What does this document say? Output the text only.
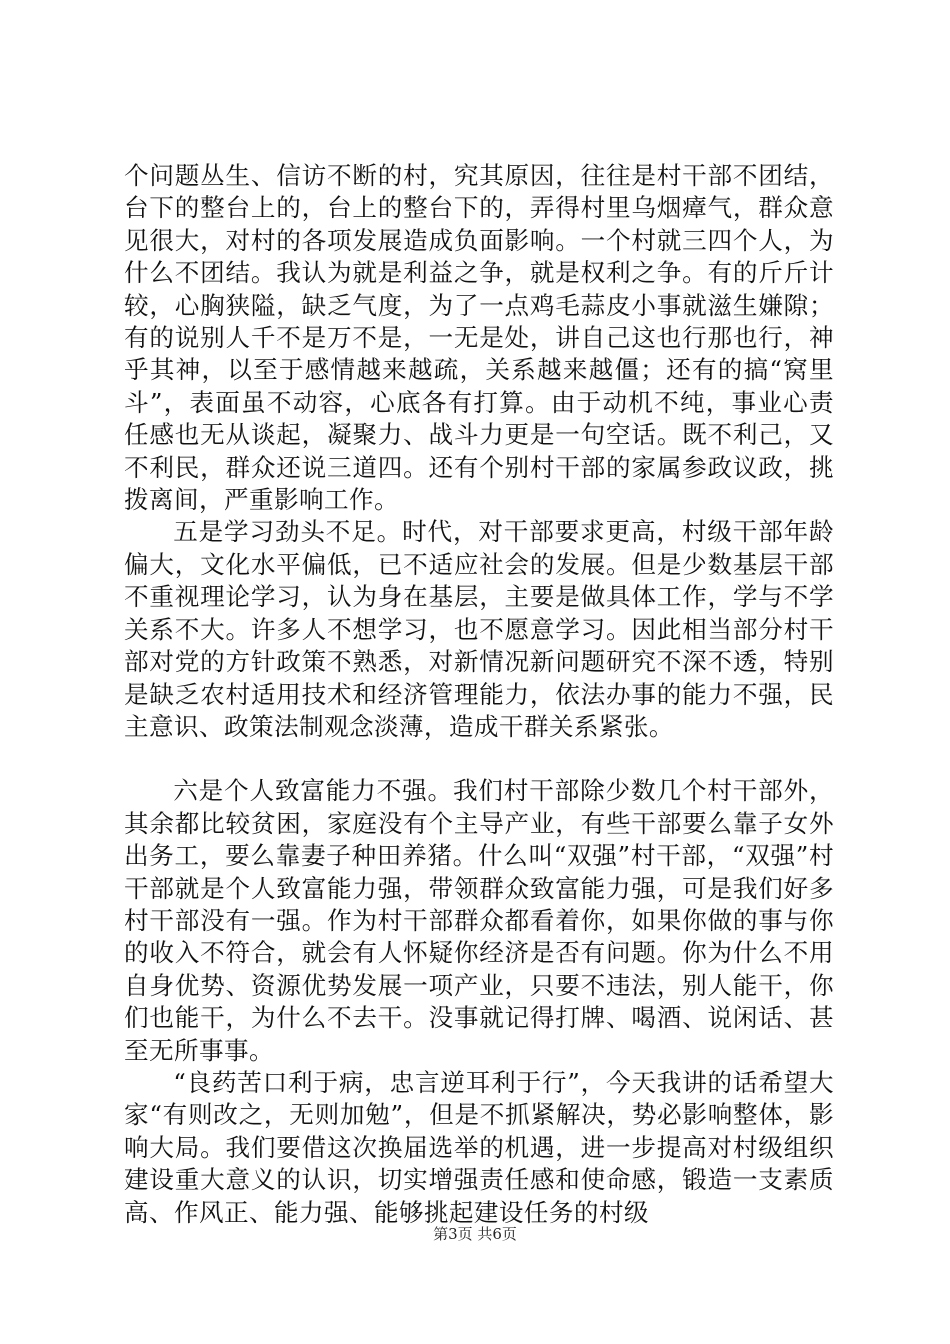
个问题丛生、信访不断的村，究其原因，往往是村干部不团结，台下的整台上的，台上的整台下的，弄得村里乌烟瘴气，群众意见很大，对村的各项发展造成负面影响。一个村就三四个人，为什么不团结。我认为就是利益之争，就是权利之争。有的斤斤计较，心胸狭隘，缺乏气度，为了一点鸡毛蒜皮小事就滋生嫌隙；有的说别人千不是万不是，一无是处，讲自己这也行那也行，神乎其神，以至于感情越来越疏，关系越来越僵；还有的搞“窝里斗”，表面虽不动容，心底各有打算。由于动机不纯，事业心责任感也无从谈起，凝聚力、战斗力更是一句空话。既不利己，又不利民，群众还说三道四。还有个别村干部的家属参政议政，挑拨离间，严重影响工作。

五是学习劲头不足。时代，对干部要求更高，村级干部年龄偏大，文化水平偏低，已不适应社会的发展。但是少数基层干部不重视理论学习，认为身在基层，主要是做具体工作，学与不学关系不大。许多人不想学习，也不愿意学习。因此相当部分村干部对党的方针政策不熟悉，对新情况新问题研究不深不透，特别是缺乏农村适用技术和经济管理能力，依法办事的能力不强，民主意识、政策法制观念淡薄，造成干群关系紧张。

六是个人致富能力不强。我们村干部除少数几个村干部外，其余都比较贫困，家庭没有个主导产业，有些干部要么靠子女外出务工，要么靠妻子种田养猪。什么叫“双强”村干部，“双强”村干部就是个人致富能力强，带领群众致富能力强，可是我们好多村干部没有一强。作为村干部群众都看着你，如果你做的事与你的收入不符合，就会有人怀疑你经济是否有问题。你为什么不用自身优势、资源优势发展一项产业，只要不违法，别人能干，你们也能干，为什么不去干。没事就记得打牌、喝酒、说闲话、甚至无所事事。

“良药苦口利于病，忠言逆耳利于行”，今天我讲的话希望大家“有则改之，无则加勉”，但是不抓紧解决，势必影响整体，影响大局。我们要借这次换届选举的机遇，进一步提高对村级组织建设重大意义的认识，切实增强责任感和使命感，锻造一支素质高、作风正、能力强、能够挑起建设任务的村级

第3页 共6页
